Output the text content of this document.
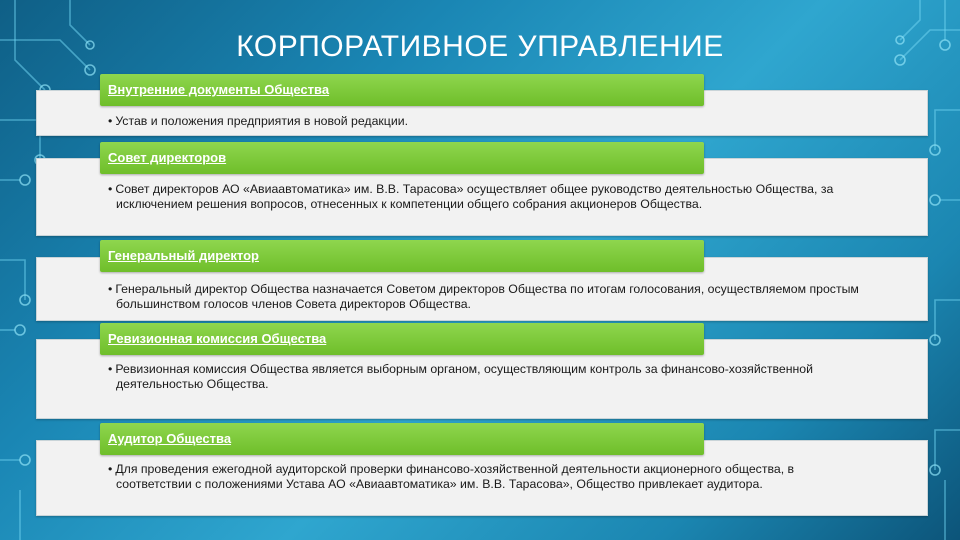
КОРПОРАТИВНОЕ УПРАВЛЕНИЕ
Внутренние документы Общества
• Устав и положения предприятия в новой редакции.
Совет директоров
• Совет директоров АО «Авиаавтоматика» им. В.В. Тарасова» осуществляет общее руководство деятельностью Общества, за исключением решения вопросов, отнесенных к компетенции общего собрания акционеров Общества.
Генеральный директор
• Генеральный директор Общества назначается Советом директоров Общества по итогам голосования, осуществляемом простым большинством голосов членов Совета директоров Общества.
Ревизионная комиссия Общества
• Ревизионная комиссия Общества является выборным органом, осуществляющим контроль за финансово-хозяйственной деятельностью Общества.
Аудитор Общества
• Для проведения ежегодной аудиторской проверки финансово-хозяйственной деятельности акционерного общества, в соответствии с положениями Устава АО «Авиаавтоматика» им. В.В. Тарасова», Общество привлекает аудитора.
